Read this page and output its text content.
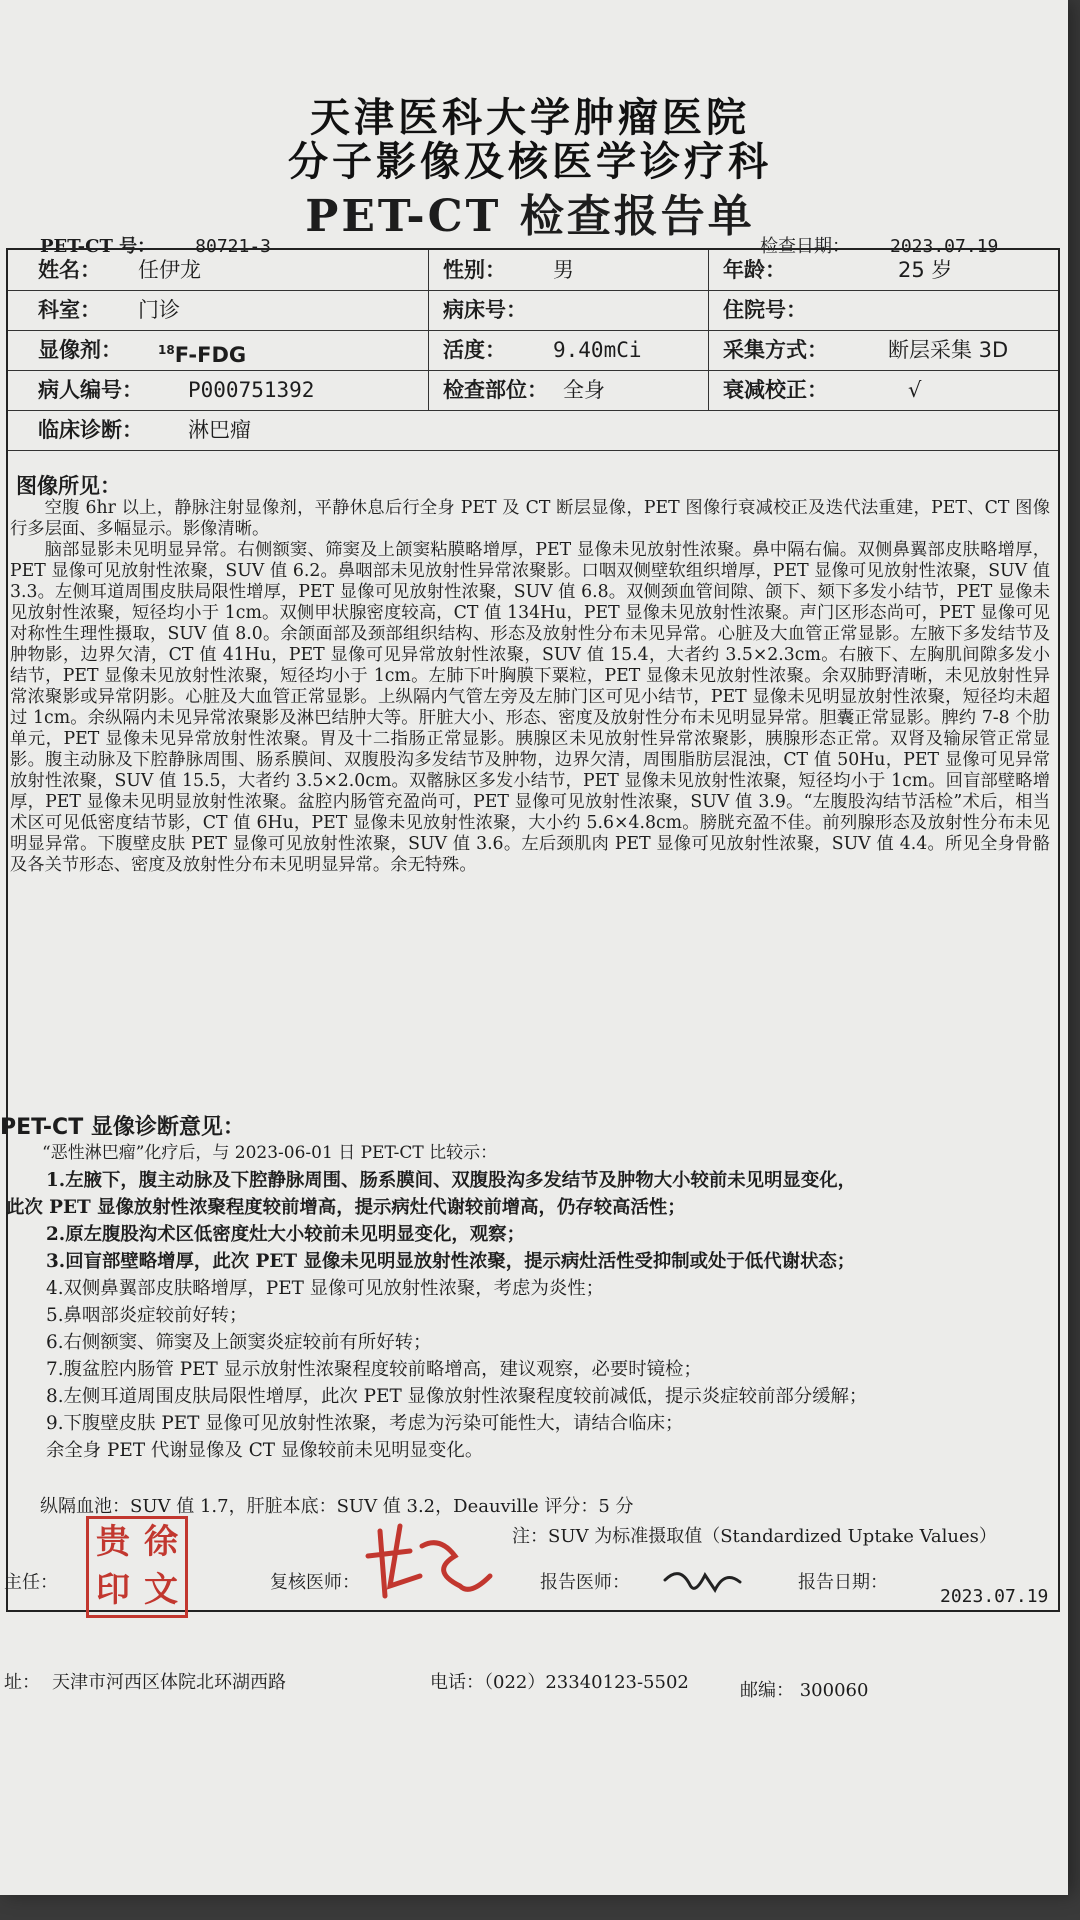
天津医科大学肿瘤医院
分子影像及核医学诊疗科
PET-CT 检查报告单
PET-CT 号： 80721-3	检查日期： 2023.07.19
姓名： 任伊龙	性别： 男	年龄：	25 岁
科室： 门诊	病床号：	住院号：
显像剂：	$^{18}$F-FDG	活度： 9.40mCi	采集方式：	断层采集 3D
病人编号： P000751392	检查部位： 全身	衰减校正：	√
临床诊断： 淋巴瘤
图像所见：

空腹 6hr 以上，静脉注射显像剂，平静休息后行全身 PET 及 CT 断层显像，PET 图像行衰减校正及迭代法重建，PET、CT 图像行多层面、多幅显示。影像清晰。

脑部显影未见明显异常。右侧额窦、筛窦及上颌窦粘膜略增厚，PET 显像未见放射性浓聚。鼻中隔右偏。双侧鼻翼部皮肤略增厚，PET 显像可见放射性浓聚，SUV 值 6.2。鼻咽部未见放射性异常浓聚影。口咽双侧壁软组织增厚，PET 显像可见放射性浓聚，SUV 值 3.3。左侧耳道周围皮肤局限性增厚，PET 显像可见放射性浓聚，SUV 值 6.8。双侧颈血管间隙、颌下、颏下多发小结节，PET 显像未见放射性浓聚，短径均小于 1cm。双侧甲状腺密度较高，CT 值 134Hu，PET 显像未见放射性浓聚。声门区形态尚可，PET 显像可见对称性生理性摄取，SUV 值 8.0。余颌面部及颈部组织结构、形态及放射性分布未见异常。心脏及大血管正常显影。左腋下多发结节及肿物影，边界欠清，CT 值 41Hu，PET 显像可见异常放射性浓聚，SUV 值 15.4，大者约 3.5×2.3cm。右腋下、左胸肌间隙多发小结节，PET 显像未见放射性浓聚，短径均小于 1cm。左肺下叶胸膜下粟粒，PET 显像未见放射性浓聚。余双肺野清晰，未见放射性异常浓聚影或异常阴影。心脏及大血管正常显影。上纵隔内气管左旁及左肺门区可见小结节，PET 显像未见明显放射性浓聚，短径均未超过 1cm。余纵隔内未见异常浓聚影及淋巴结肿大等。肝脏大小、形态、密度及放射性分布未见明显异常。胆囊正常显影。脾约 7-8 个肋单元，PET 显像未见异常放射性浓聚。胃及十二指肠正常显影。胰腺区未见放射性异常浓聚影，胰腺形态正常。双肾及输尿管正常显影。腹主动脉及下腔静脉周围、肠系膜间、双腹股沟多发结节及肿物，边界欠清，周围脂肪层混浊，CT 值 50Hu，PET 显像可见异常放射性浓聚，SUV 值 15.5，大者约 3.5×2.0cm。双髂脉区多发小结节，PET 显像未见放射性浓聚，短径均小于 1cm。回盲部壁略增厚，PET 显像未见明显放射性浓聚。盆腔内肠管充盈尚可，PET 显像可见放射性浓聚，SUV 值 3.9。“左腹股沟结节活检”术后，相当术区可见低密度结节影，CT 值 6Hu，PET 显像未见放射性浓聚，大小约 5.6×4.8cm。膀胱充盈不佳。前列腺形态及放射性分布未见明显异常。下腹壁皮肤 PET 显像可见放射性浓聚，SUV 值 3.6。左后颈肌肉 PET 显像可见放射性浓聚，SUV 值 4.4。所见全身骨骼及各关节形态、密度及放射性分布未见明显异常。余无特殊。

PET-CT 显像诊断意见：
“恶性淋巴瘤”化疗后，与 2023-06-01 日 PET-CT 比较示：
1.左腋下，腹主动脉及下腔静脉周围、肠系膜间、双腹股沟多发结节及肿物大小较前未见明显变化，
此次 PET 显像放射性浓聚程度较前增高，提示病灶代谢较前增高，仍存较高活性；
2.原左腹股沟术区低密度灶大小较前未见明显变化，观察；
3.回盲部壁略增厚，此次 PET 显像未见明显放射性浓聚，提示病灶活性受抑制或处于低代谢状态；
4.双侧鼻翼部皮肤略增厚，PET 显像可见放射性浓聚，考虑为炎性；
5.鼻咽部炎症较前好转；
6.右侧额窦、筛窦及上颌窦炎症较前有所好转；
7.腹盆腔内肠管 PET 显示放射性浓聚程度较前略增高，建议观察，必要时镜检；
8.左侧耳道周围皮肤局限性增厚，此次 PET 显像放射性浓聚程度较前减低，提示炎症较前部分缓解；
9.下腹壁皮肤 PET 显像可见放射性浓聚，考虑为污染可能性大，请结合临床；
余全身 PET 代谢显像及 CT 显像较前未见明显变化。
纵隔血池：SUV 值 1.7，肝脏本底：SUV 值 3.2，Deauville 评分：5 分
注：SUV 为标准摄取值（Standardized Uptake Values）
主任：
贵 徐
印 文	复核医师：	报告医师：	报告日期：
2023.07.19
址： 天津市河西区体院北环湖西路	电话：（022）23340123-5502	邮编： 300060
